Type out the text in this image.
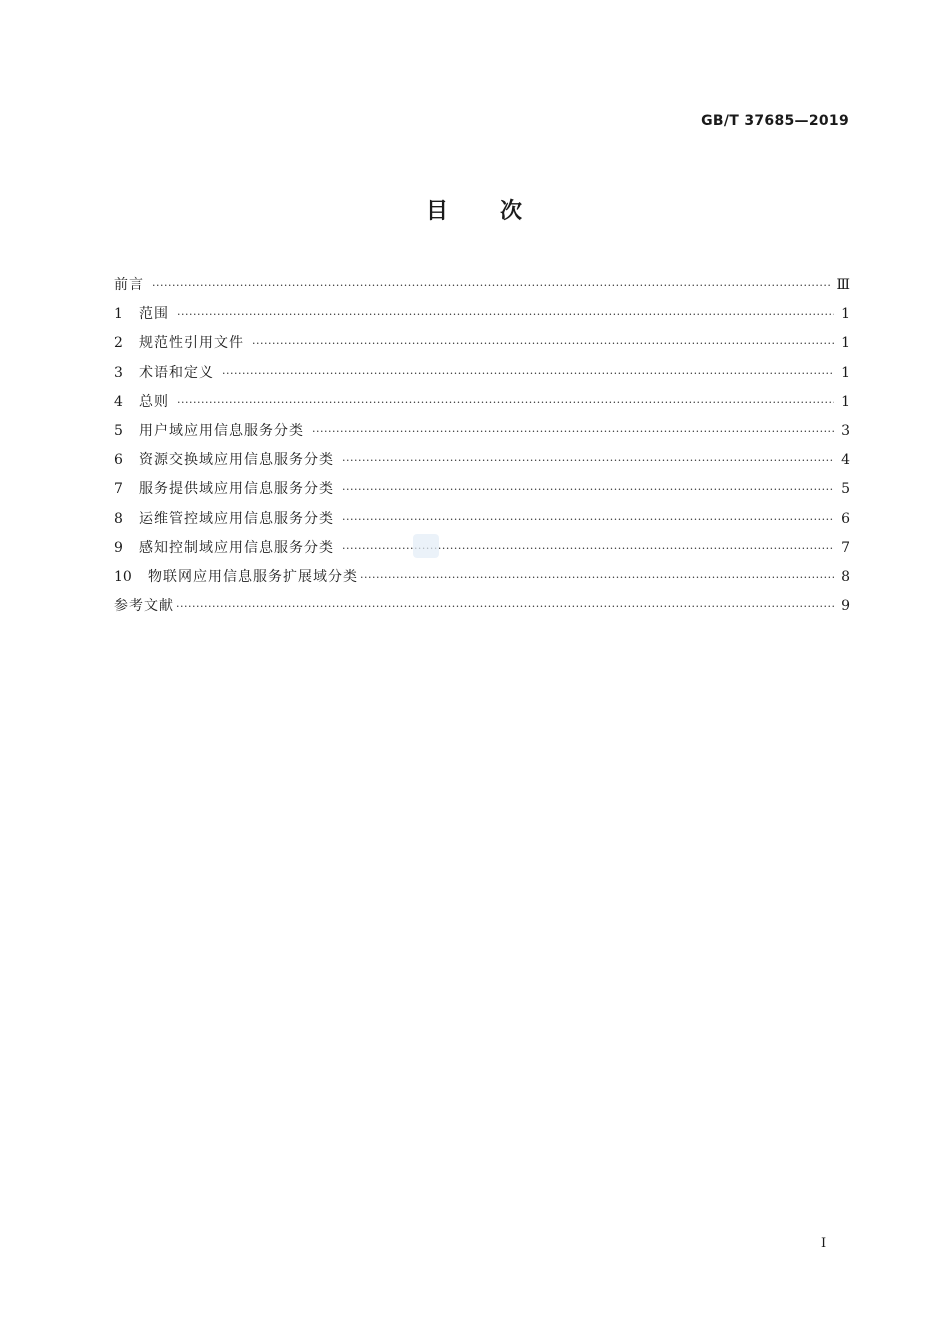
GB/T 37685—2019
目 次
前言 ·····	Ⅲ
1	范围 ·····	1
2	规范性引用文件 ·····	1
3	术语和定义 ·····	1
4	总则 ·····	1
5	用户域应用信息服务分类 ·····	3
6	资源交换域应用信息服务分类 ·····	4
7	服务提供域应用信息服务分类 ·····	5
8	运维管控域应用信息服务分类 ·····	6
9	感知控制域应用信息服务分类 ·····	7
10	物联网应用信息服务扩展域分类 ·····	8
参考文献 ·····	9
Ⅰ
